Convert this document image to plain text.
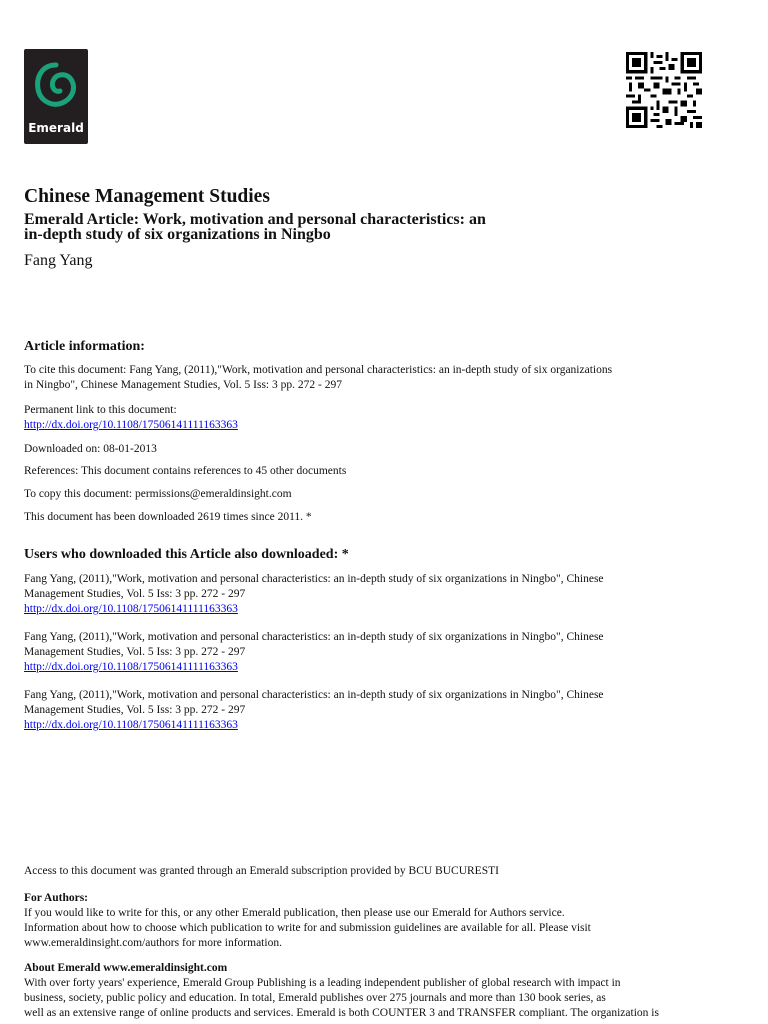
Emerald
Chinese Management Studies
Emerald Article: Work, motivation and personal characteristics: an
in-depth study of six organizations in Ningbo
Fang Yang
Article information:

To cite this document: Fang Yang, (2011),"Work, motivation and personal characteristics: an in-depth study of six organizations
in Ningbo", Chinese Management Studies, Vol. 5 Iss: 3 pp. 272 - 297

Permanent link to this document:
http://dx.doi.org/10.1108/17506141111163363

Downloaded on: 08-01-2013

References: This document contains references to 45 other documents

To copy this document: permissions@emeraldinsight.com

This document has been downloaded 2619 times since 2011. *

Users who downloaded this Article also downloaded: *

Fang Yang, (2011),"Work, motivation and personal characteristics: an in-depth study of six organizations in Ningbo", Chinese
Management Studies, Vol. 5 Iss: 3 pp. 272 - 297
http://dx.doi.org/10.1108/17506141111163363

Fang Yang, (2011),"Work, motivation and personal characteristics: an in-depth study of six organizations in Ningbo", Chinese
Management Studies, Vol. 5 Iss: 3 pp. 272 - 297
http://dx.doi.org/10.1108/17506141111163363

Fang Yang, (2011),"Work, motivation and personal characteristics: an in-depth study of six organizations in Ningbo", Chinese
Management Studies, Vol. 5 Iss: 3 pp. 272 - 297
http://dx.doi.org/10.1108/17506141111163363

Access to this document was granted through an Emerald subscription provided by BCU BUCURESTI

For Authors:
If you would like to write for this, or any other Emerald publication, then please use our Emerald for Authors service.
Information about how to choose which publication to write for and submission guidelines are available for all. Please visit
www.emeraldinsight.com/authors for more information.

About Emerald www.emeraldinsight.com
With over forty years' experience, Emerald Group Publishing is a leading independent publisher of global research with impact in
business, society, public policy and education. In total, Emerald publishes over 275 journals and more than 130 book series, as
well as an extensive range of online products and services. Emerald is both COUNTER 3 and TRANSFER compliant. The organization is
